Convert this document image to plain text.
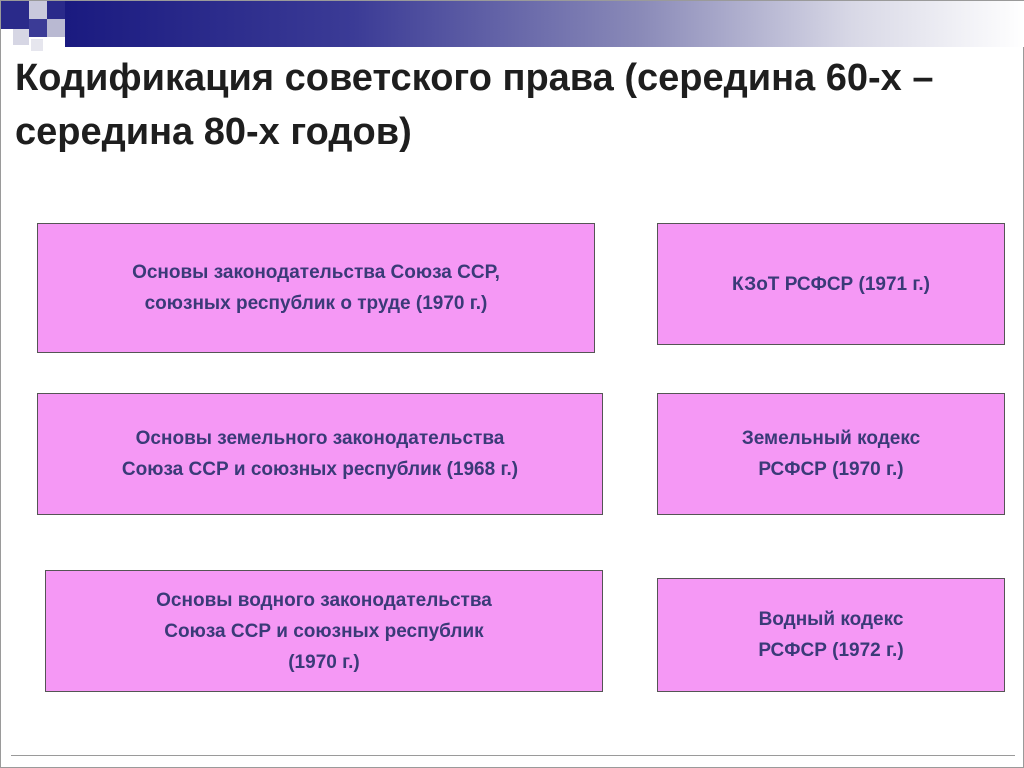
Кодификация советского права (середина 60-х – середина 80-х годов)
Основы законодательства Союза ССР,
союзных республик о труде (1970 г.)
КЗоТ РСФСР (1971 г.)
Основы земельного законодательства
Союза ССР и союзных республик (1968 г.)
Земельный кодекс
РСФСР (1970 г.)
Основы водного законодательства
Союза ССР и союзных республик
(1970 г.)
Водный кодекс
РСФСР (1972 г.)
